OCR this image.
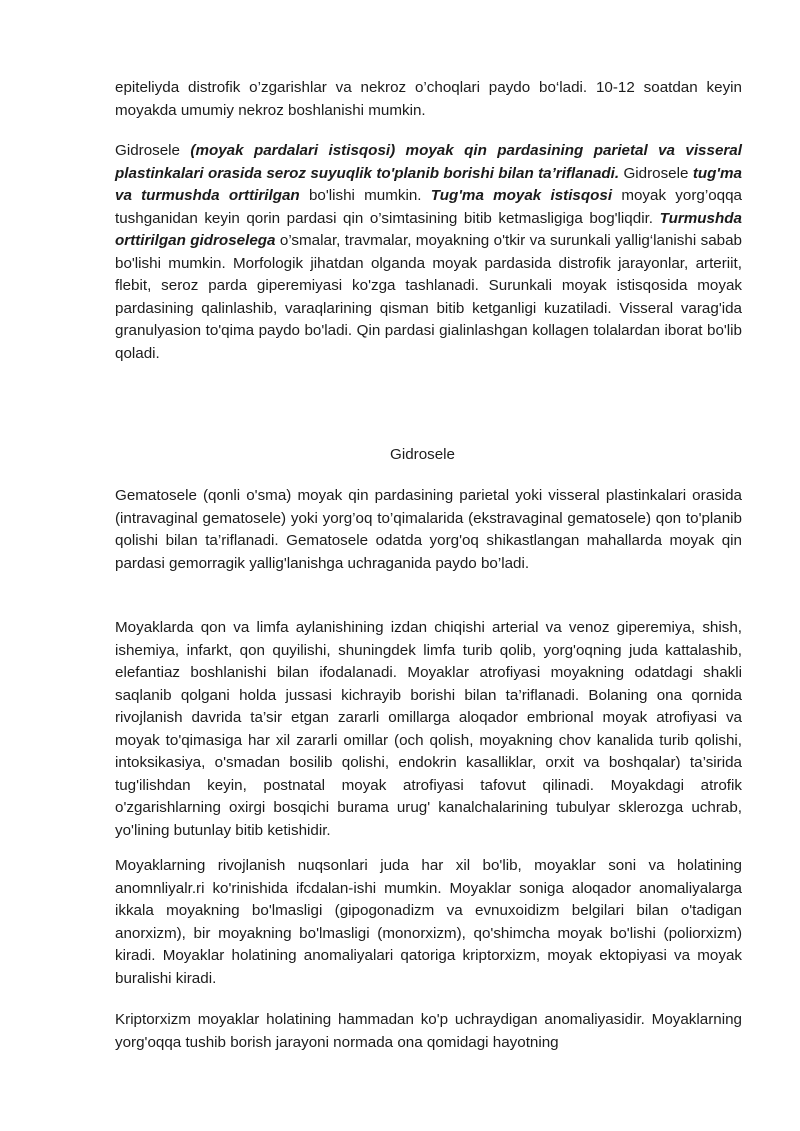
epiteliyda distrofik o’zgarishlar va nekroz o’choqlari paydo bo‘ladi. 10-12 soatdan keyin moyakda umumiy nekroz boshlanishi mumkin.

Gidrosele (moyak pardalari istisqosi) moyak qin pardasining parietal va visseral plastinkalari orasida seroz suyuqlik to'planib borishi bilan ta’riflanadi. Gidrosele tug'ma va turmushda orttirilgan bo'lishi mumkin. Tug'ma moyak istisqosi moyak yorg’oqqa tushganidan keyin qorin pardasi qin o’simtasining bitib ketmasligiga bog'liqdir. Turmushda orttirilgan gidroselega o’smalar, travmalar, moyakning o'tkir va surunkali yallig‘lanishi sabab bo'lishi mumkin. Morfologik jihatdan olganda moyak pardasida distrofik jarayonlar, arteriit, flebit, seroz parda giperemiyasi ko'zga tashlanadi. Surunkali moyak istisqosida moyak pardasining qalinlashib, varaqlarining qisman bitib ketganligi kuzatiladi. Visseral varag'ida granulyasion to'qima paydo bo'ladi. Qin pardasi gialinlashgan kollagen tolalardan iborat bo'lib qoladi.

Gidrosele

Gematosele (qonli o'sma) moyak qin pardasining parietal yoki visseral plastinkalari orasida (intravaginal gematosele) yoki yorg’oq to’qimalarida (ekstravaginal gematosele) qon to'planib qolishi bilan ta’riflanadi. Gematosele odatda yorg'oq shikastlangan mahallarda moyak qin pardasi gemorragik yallig'lanishga uchraganida paydo bo’ladi.

Moyaklarda qon va limfa aylanishining izdan chiqishi arterial va venoz giperemiya, shish, ishemiya, infarkt, qon quyilishi, shuningdek limfa turib qolib, yorg'oqning juda kattalashib, elefantiaz boshlanishi bilan ifodalanadi. Moyaklar atrofiyasi moyakning odatdagi shakli saqlanib qolgani holda jussasi kichrayib borishi bilan ta’riflanadi. Bolaning ona qornida rivojlanish davrida ta’sir etgan zararli omillarga aloqador embrional moyak atrofiyasi va moyak to'qimasiga har xil zararli omillar (och qolish, moyakning chov kanalida turib qolishi, intoksikasiya, o'smadan bosilib qolishi, endokrin kasalliklar, orxit va boshqalar) ta’sirida tug'ilishdan keyin, postnatal moyak atrofiyasi tafovut qilinadi. Moyakdagi atrofik o'zgarishlarning oxirgi bosqichi burama urug' kanalchalarining tubulyar sklerozga uchrab, yo'lining butunlay bitib ketishidir.

Moyaklarning rivojlanish nuqsonlari juda har xil bo'lib, moyaklar soni va holatining anomnliyalr.ri ko'rinishida ifcdalan-ishi mumkin. Moyaklar soniga aloqador anomaliyalarga ikkala moyakning bo'lmasligi (gipogonadizm va evnuxoidizm belgilari bilan o'tadigan anorxizm), bir moyakning bo'lmasligi (monorxizm), qo'shimcha moyak bo'lishi (poliorxizm) kiradi. Moyaklar holatining anomaliyalari qatoriga kriptorxizm, moyak ektopiyasi va moyak buralishi kiradi.

Kriptorxizm moyaklar holatining hammadan ko'p uchraydigan anomaliyasidir. Moyaklarning yorg'oqqa tushib borish jarayoni normada ona qomidagi hayotning
